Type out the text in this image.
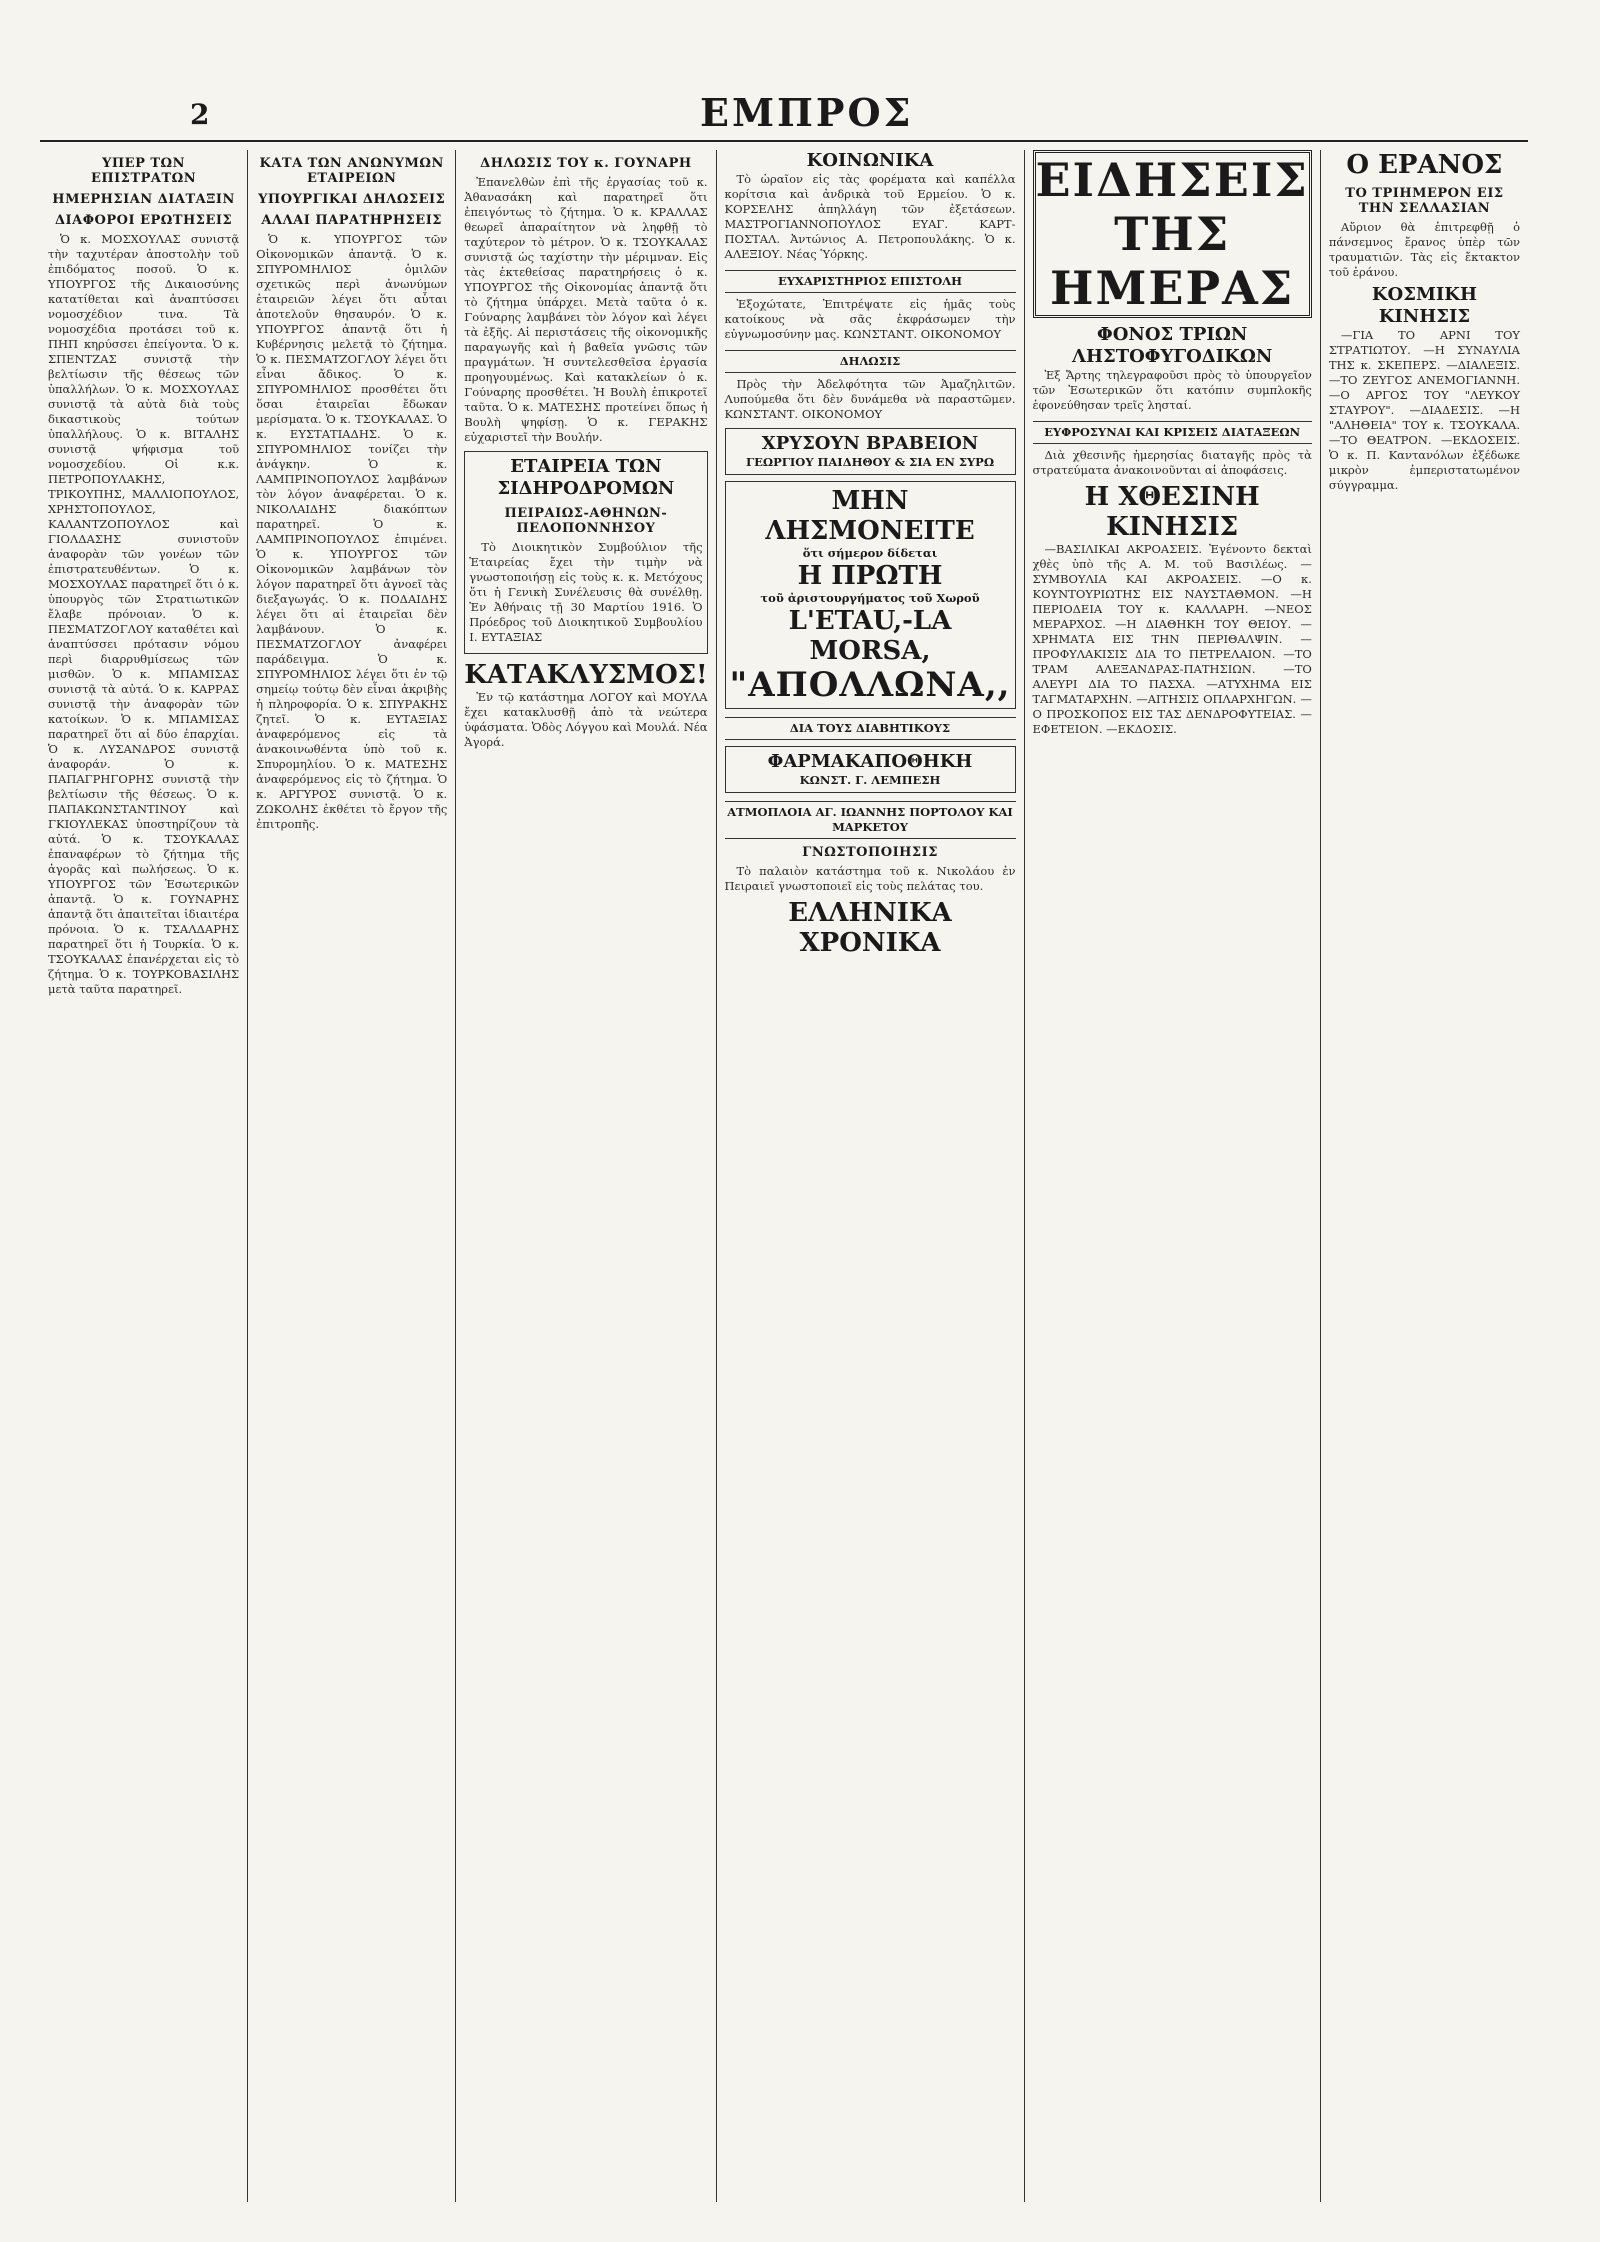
2	ΕΜΠΡΟΣ
ΥΠΕΡ ΤΩΝ ΕΠΙΣΤΡΑΤΩΝ
ΗΜΕΡΗΣΙΑΝ ΔΙΑΤΑΞΙΝ
ΔΙΑΦΟΡΟΙ ΕΡΩΤΗΣΕΙΣ

Ὁ κ. ΜΟΣΧΟΥΛΑΣ συνιστᾷ τὴν ταχυτέραν ἀποστολὴν τοῦ ἐπιδόματος ποσοῦ. Ὁ κ. ΥΠΟΥΡΓΟΣ τῆς Δικαιοσύνης κατατίθεται καὶ ἀναπτύσσει νομοσχέδιον τινα. Τὰ νομοσχέδια προτάσει τοῦ κ. ΠΗΠ κηρύσσει ἐπείγοντα. Ὁ κ. ΣΠΕΝΤΖΑΣ συνιστᾷ τὴν βελτίωσιν τῆς θέσεως τῶν ὑπαλλήλων. Ὁ κ. ΜΟΣΧΟΥΛΑΣ συνιστᾷ τὰ αὐτὰ διὰ τοὺς δικαστικοὺς τούτων ὑπαλλήλους. Ὁ κ. ΒΙΤΑΛΗΣ συνιστᾷ ψήφισμα τοῦ νομοσχεδίου. Οἱ κ.κ. ΠΕΤΡΟΠΟΥΛΑΚΗΣ, ΤΡΙΚΟΥΠΗΣ, ΜΑΛΛΙΟΠΟΥΛΟΣ, ΧΡΗΣΤΟΠΟΥΛΟΣ, ΚΑΛΑΝΤΖΟΠΟΥΛΟΣ καὶ ΓΙΟΛΔΑΣΗΣ συνιστοῦν ἀναφορὰν τῶν γονέων τῶν ἐπιστρατευθέντων. Ὁ κ. ΜΟΣΧΟΥΛΑΣ παρατηρεῖ ὅτι ὁ κ. ὑπουργὸς τῶν Στρατιωτικῶν ἔλαβε πρόνοιαν. Ὁ κ. ΠΕΣΜΑΤΖΟΓΛΟΥ καταθέτει καὶ ἀναπτύσσει πρότασιν νόμου περὶ διαρρυθμίσεως τῶν μισθῶν. Ὁ κ. ΜΠΑΜΙΣΑΣ συνιστᾷ τὰ αὐτά. Ὁ κ. ΚΑΡΡΑΣ συνιστᾷ τὴν ἀναφορὰν τῶν κατοίκων. Ὁ κ. ΜΠΑΜΙΣΑΣ παρατηρεῖ ὅτι αἱ δύο ἐπαρχίαι. Ὁ κ. ΛΥΣΑΝΔΡΟΣ συνιστᾷ ἀναφοράν. Ὁ κ. ΠΑΠΑΓΡΗΓΟΡΗΣ συνιστᾷ τὴν βελτίωσιν τῆς θέσεως. Ὁ κ. ΠΑΠΑΚΩΝΣΤΑΝΤΙΝΟΥ καὶ ΓΚΙΟΥΛΕΚΑΣ ὑποστηρίζουν τὰ αὐτά. Ὁ κ. ΤΣΟΥΚΑΛΑΣ ἐπαναφέρων τὸ ζήτημα τῆς ἀγορᾶς καὶ πωλήσεως. Ὁ κ. ΥΠΟΥΡΓΟΣ τῶν Ἐσωτερικῶν ἀπαντᾷ. Ὁ κ. ΓΟΥΝΑΡΗΣ ἀπαντᾷ ὅτι ἀπαιτεῖται ἰδιαιτέρα πρόνοια. Ὁ κ. ΤΣΑΛΔΑΡΗΣ παρατηρεῖ ὅτι ἡ Τουρκία. Ὁ κ. ΤΣΟΥΚΑΛΑΣ ἐπανέρχεται εἰς τὸ ζήτημα. Ὁ κ. ΤΟΥΡΚΟΒΑΣΙΛΗΣ μετὰ ταῦτα παρατηρεῖ.

ΚΑΤΑ ΤΩΝ ΑΝΩΝΥΜΩΝ ΕΤΑΙΡΕΙΩΝ
ΥΠΟΥΡΓΙΚΑΙ ΔΗΛΩΣΕΙΣ
ΑΛΛΑΙ ΠΑΡΑΤΗΡΗΣΕΙΣ

Ὁ κ. ΥΠΟΥΡΓΟΣ τῶν Οἰκονομικῶν ἀπαντᾷ. Ὁ κ. ΣΠΥΡΟΜΗΛΙΟΣ ὁμιλῶν σχετικῶς περὶ ἀνωνύμων ἑταιρειῶν λέγει ὅτι αὗται ἀποτελοῦν θησαυρόν. Ὁ κ. ΥΠΟΥΡΓΟΣ ἀπαντᾷ ὅτι ἡ Κυβέρνησις μελετᾷ τὸ ζήτημα. Ὁ κ. ΠΕΣΜΑΤΖΟΓΛΟΥ λέγει ὅτι εἶναι ἄδικος. Ὁ κ. ΣΠΥΡΟΜΗΛΙΟΣ προσθέτει ὅτι ὅσαι ἑταιρεῖαι ἔδωκαν μερίσματα. Ὁ κ. ΤΣΟΥΚΑΛΑΣ. Ὁ κ. ΕΥΣΤΑΤΙΑΔΗΣ. Ὁ κ. ΣΠΥΡΟΜΗΛΙΟΣ τονίζει τὴν ἀνάγκην. Ὁ κ. ΛΑΜΠΡΙΝΟΠΟΥΛΟΣ λαμβάνων τὸν λόγον ἀναφέρεται. Ὁ κ. ΝΙΚΟΛΑΙΔΗΣ διακόπτων παρατηρεῖ. Ὁ κ. ΛΑΜΠΡΙΝΟΠΟΥΛΟΣ ἐπιμένει. Ὁ κ. ΥΠΟΥΡΓΟΣ τῶν Οἰκονομικῶν λαμβάνων τὸν λόγον παρατηρεῖ ὅτι ἀγνοεῖ τὰς διεξαγωγάς. Ὁ κ. ΠΟΔΑΙΔΗΣ λέγει ὅτι αἱ ἑταιρεῖαι δὲν λαμβάνουν. Ὁ κ. ΠΕΣΜΑΤΖΟΓΛΟΥ ἀναφέρει παράδειγμα. Ὁ κ. ΣΠΥΡΟΜΗΛΙΟΣ λέγει ὅτι ἐν τῷ σημείῳ τούτῳ δὲν εἶναι ἀκριβὴς ἡ πληροφορία. Ὁ κ. ΣΠΥΡΑΚΗΣ ζητεῖ. Ὁ κ. ΕΥΤΑΞΙΑΣ ἀναφερόμενος εἰς τὰ ἀνακοινωθέντα ὑπὸ τοῦ κ. Σπυρομηλίου. Ὁ κ. ΜΑΤΕΣΗΣ ἀναφερόμενος εἰς τὸ ζήτημα. Ὁ κ. ΑΡΓΥΡΟΣ συνιστᾷ. Ὁ κ. ΖΩΚΟΛΗΣ ἐκθέτει τὸ ἔργον τῆς ἐπιτροπῆς.

ΔΗΛΩΣΙΣ ΤΟΥ κ. ΓΟΥΝΑΡΗ

Ἐπανελθὼν ἐπὶ τῆς ἐργασίας τοῦ κ. Ἀθανασάκη καὶ παρατηρεῖ ὅτι ἐπειγόντως τὸ ζήτημα. Ὁ κ. ΚΡΑΛΛΑΣ θεωρεῖ ἀπαραίτητον νὰ ληφθῇ τὸ ταχύτερον τὸ μέτρον. Ὁ κ. ΤΣΟΥΚΑΛΑΣ συνιστᾷ ὡς ταχίστην τὴν μέριμναν. Εἰς τὰς ἐκτεθείσας παρατηρήσεις ὁ κ. ΥΠΟΥΡΓΟΣ τῆς Οἰκονομίας ἀπαντᾷ ὅτι τὸ ζήτημα ὑπάρχει. Μετὰ ταῦτα ὁ κ. Γούναρης λαμβάνει τὸν λόγον καὶ λέγει τὰ ἑξῆς. Αἱ περιστάσεις τῆς οἰκονομικῆς παραγωγῆς καὶ ἡ βαθεῖα γνῶσις τῶν πραγμάτων. Ἡ συντελεσθεῖσα ἐργασία προηγουμένως. Καὶ κατακλείων ὁ κ. Γούναρης προσθέτει. Ἡ Βουλὴ ἐπικροτεῖ ταῦτα. Ὁ κ. ΜΑΤΕΣΗΣ προτείνει ὅπως ἡ Βουλὴ ψηφίσῃ. Ὁ κ. ΓΕΡΑΚΗΣ εὐχαριστεῖ τὴν Βουλήν.

ΕΤΑΙΡΕΙΑ ΤΩΝ ΣΙΔΗΡΟΔΡΟΜΩΝ
ΠΕΙΡΑΙΩΣ-ΑΘΗΝΩΝ-ΠΕΛΟΠΟΝΝΗΣΟΥ

Τὸ Διοικητικὸν Συμβούλιον τῆς Ἑταιρείας ἔχει τὴν τιμὴν νὰ γνωστοποιήσῃ εἰς τοὺς κ. κ. Μετόχους ὅτι ἡ Γενικὴ Συνέλευσις θὰ συνέλθῃ. Ἐν Ἀθήναις τῇ 30 Μαρτίου 1916. Ὁ Πρόεδρος τοῦ Διοικητικοῦ Συμβουλίου Ι. ΕΥΤΑΞΙΑΣ

ΚΑΤΑΚΛΥΣΜΟΣ!

Ἐν τῷ κατάστημα ΛΟΓΟΥ καὶ ΜΟΥΛΑ ἔχει κατακλυσθῇ ἀπὸ τὰ νεώτερα ὑφάσματα. Ὁδὸς Λόγγου καὶ Μουλά. Νέα Ἀγορά.

ΚΟΙΝΩΝΙΚΑ

Τὸ ὡραῖον εἰς τὰς φορέματα καὶ καπέλλα κορίτσια καὶ ἀνδρικὰ τοῦ Ερμείου. Ὁ κ. ΚΟΡΣΕΛΗΣ ἀπηλλάγη τῶν ἐξετάσεων. ΜΑΣΤΡΟΓΙΑΝΝΟΠΟΥΛΟΣ ΕΥΑΓ. ΚΑΡΤ-ΠΟΣΤΑΛ. Ἀντώνιος Α. Πετροπουλάκης. Ὁ κ. ΑΛΕΞΙΟΥ. Νέας Ὑόρκης.

ΕΥΧΑΡΙΣΤΗΡΙΟΣ ΕΠΙΣΤΟΛΗ

Ἐξοχώτατε, Ἐπιτρέψατε εἰς ἡμᾶς τοὺς κατοίκους νὰ σᾶς ἐκφράσωμεν τὴν εὐγνωμοσύνην μας. ΚΩΝΣΤΑΝΤ. ΟΙΚΟΝΟΜΟΥ

ΔΗΛΩΣΙΣ

Πρὸς τὴν Ἀδελφότητα τῶν Ἀμαζηλιτῶν. Λυπούμεθα ὅτι δὲν δυνάμεθα νὰ παραστῶμεν. ΚΩΝΣΤΑΝΤ. ΟΙΚΟΝΟΜΟΥ

ΧΡΥΣΟΥΝ ΒΡΑΒΕΙΟΝ
ΓΕΩΡΓΙΟΥ ΠΑΙΔΗΘΟΥ & ΣΙΑ ΕΝ ΣΥΡΩ
ΜΗΝ ΛΗΣΜΟΝΕΙΤΕ
ὅτι σήμερον δίδεται
Η ΠΡΩΤΗ
τοῦ ἀριστουργήματος τοῦ Χωροῦ
L'ETAU,-LA MORSA,
"ΑΠΟΛΛΩΝΑ,,
ΔΙΑ ΤΟΥΣ ΔΙΑΒΗΤΙΚΟΥΣ
ΦΑΡΜΑΚΑΠΟΘΗΚΗ
ΚΩΝΣΤ. Γ. ΛΕΜΠΕΣΗ
ΑΤΜΟΠΛΟΙΑ ΑΓ. ΙΩΑΝΝΗΣ ΠΟΡΤΟΛΟΥ ΚΑΙ ΜΑΡΚΕΤΟΥ
ΓΝΩΣΤΟΠΟΙΗΣΙΣ

Τὸ παλαιὸν κατάστημα τοῦ κ. Νικολάου ἐν Πειραιεῖ γνωστοποιεῖ εἰς τοὺς πελάτας του.

ΕΛΛΗΝΙΚΑ ΧΡΟΝΙΚΑ
ΕΙΔΗΣΕΙΣ ΤΗΣ ΗΜΕΡΑΣ
ΦΟΝΟΣ ΤΡΙΩΝ ΛΗΣΤΟΦΥΓΟΔΙΚΩΝ

Ἐξ Ἄρτης τηλεγραφοῦσι πρὸς τὸ ὑπουργεῖον τῶν Ἐσωτερικῶν ὅτι κατόπιν συμπλοκῆς ἐφονεύθησαν τρεῖς λησταί.

ΕΥΦΡΟΣΥΝΑΙ ΚΑΙ ΚΡΙΣΕΙΣ ΔΙΑΤΑΞΕΩΝ

Διὰ χθεσινῆς ἡμερησίας διαταγῆς πρὸς τὰ στρατεύματα ἀνακοινοῦνται αἱ ἀποφάσεις.

Η ΧΘΕΣΙΝΗ ΚΙΝΗΣΙΣ

—ΒΑΣΙΛΙΚΑΙ ΑΚΡΟΑΣΕΙΣ. Ἐγένοντο δεκταὶ χθὲς ὑπὸ τῆς Α. Μ. τοῦ Βασιλέως. —ΣΥΜΒΟΥΛΙΑ ΚΑΙ ΑΚΡΟΑΣΕΙΣ. —Ο κ. ΚΟΥΝΤΟΥΡΙΩΤΗΣ ΕΙΣ ΝΑΥΣΤΑΘΜΟΝ. —Η ΠΕΡΙΟΔΕΙΑ ΤΟΥ κ. ΚΑΛΛΑΡΗ. —ΝΕΟΣ ΜΕΡΑΡΧΟΣ. —Η ΔΙΑΘΗΚΗ ΤΟΥ ΘΕΙΟΥ. —ΧΡΗΜΑΤΑ ΕΙΣ ΤΗΝ ΠΕΡΙΘΑΛΨΙΝ. —ΠΡΟΦΥΛΑΚΙΣΙΣ ΔΙΑ ΤΟ ΠΕΤΡΕΛΑΙΟΝ. —ΤΟ ΤΡΑΜ ΑΛΕΞΑΝΔΡΑΣ-ΠΑΤΗΣΙΩΝ. —ΤΟ ΑΛΕΥΡΙ ΔΙΑ ΤΟ ΠΑΣΧΑ. —ΑΤΥΧΗΜΑ ΕΙΣ ΤΑΓΜΑΤΑΡΧΗΝ. —ΑΙΤΗΣΙΣ ΟΠΛΑΡΧΗΓΩΝ. —Ο ΠΡΟΣΚΟΠΟΣ ΕΙΣ ΤΑΣ ΔΕΝΔΡΟΦΥΤΕΙΑΣ. —ΕΦΕΤΕΙΟΝ. —ΕΚΔΟΣΙΣ.

Ο ΕΡΑΝΟΣ
ΤΟ ΤΡΙΗΜΕΡΟΝ ΕΙΣ ΤΗΝ ΣΕΛΛΑΣΙΑΝ

Αὔριον θὰ ἐπιτρεφθῇ ὁ πάνσεμνος ἔρανος ὑπὲρ τῶν τραυματιῶν. Τὰς εἰς ἔκτακτον τοῦ ἐράνου.

ΚΟΣΜΙΚΗ ΚΙΝΗΣΙΣ

—ΓΙΑ ΤΟ ΑΡΝΙ ΤΟΥ ΣΤΡΑΤΙΩΤΟΥ. —Η ΣΥΝΑΥΛΙΑ ΤΗΣ κ. ΣΚΕΠΕΡΣ. —ΔΙΑΛΕΞΙΣ. —ΤΟ ΖΕΥΓΟΣ ΑΝΕΜΟΓΙΑΝΝΗ. —Ο ΑΡΓΟΣ ΤΟΥ "ΛΕΥΚΟΥ ΣΤΑΥΡΟΥ". —ΔΙΑΔΕΣΙΣ. —Η "ΑΛΗΘΕΙΑ" ΤΟΥ κ. ΤΣΟΥΚΑΛΑ. —ΤΟ ΘΕΑΤΡΟΝ. —ΕΚΔΟΣΕΙΣ. Ὁ κ. Π. Καντανόλων ἐξέδωκε μικρὸν ἐμπεριστατωμένον σύγγραμμα.
